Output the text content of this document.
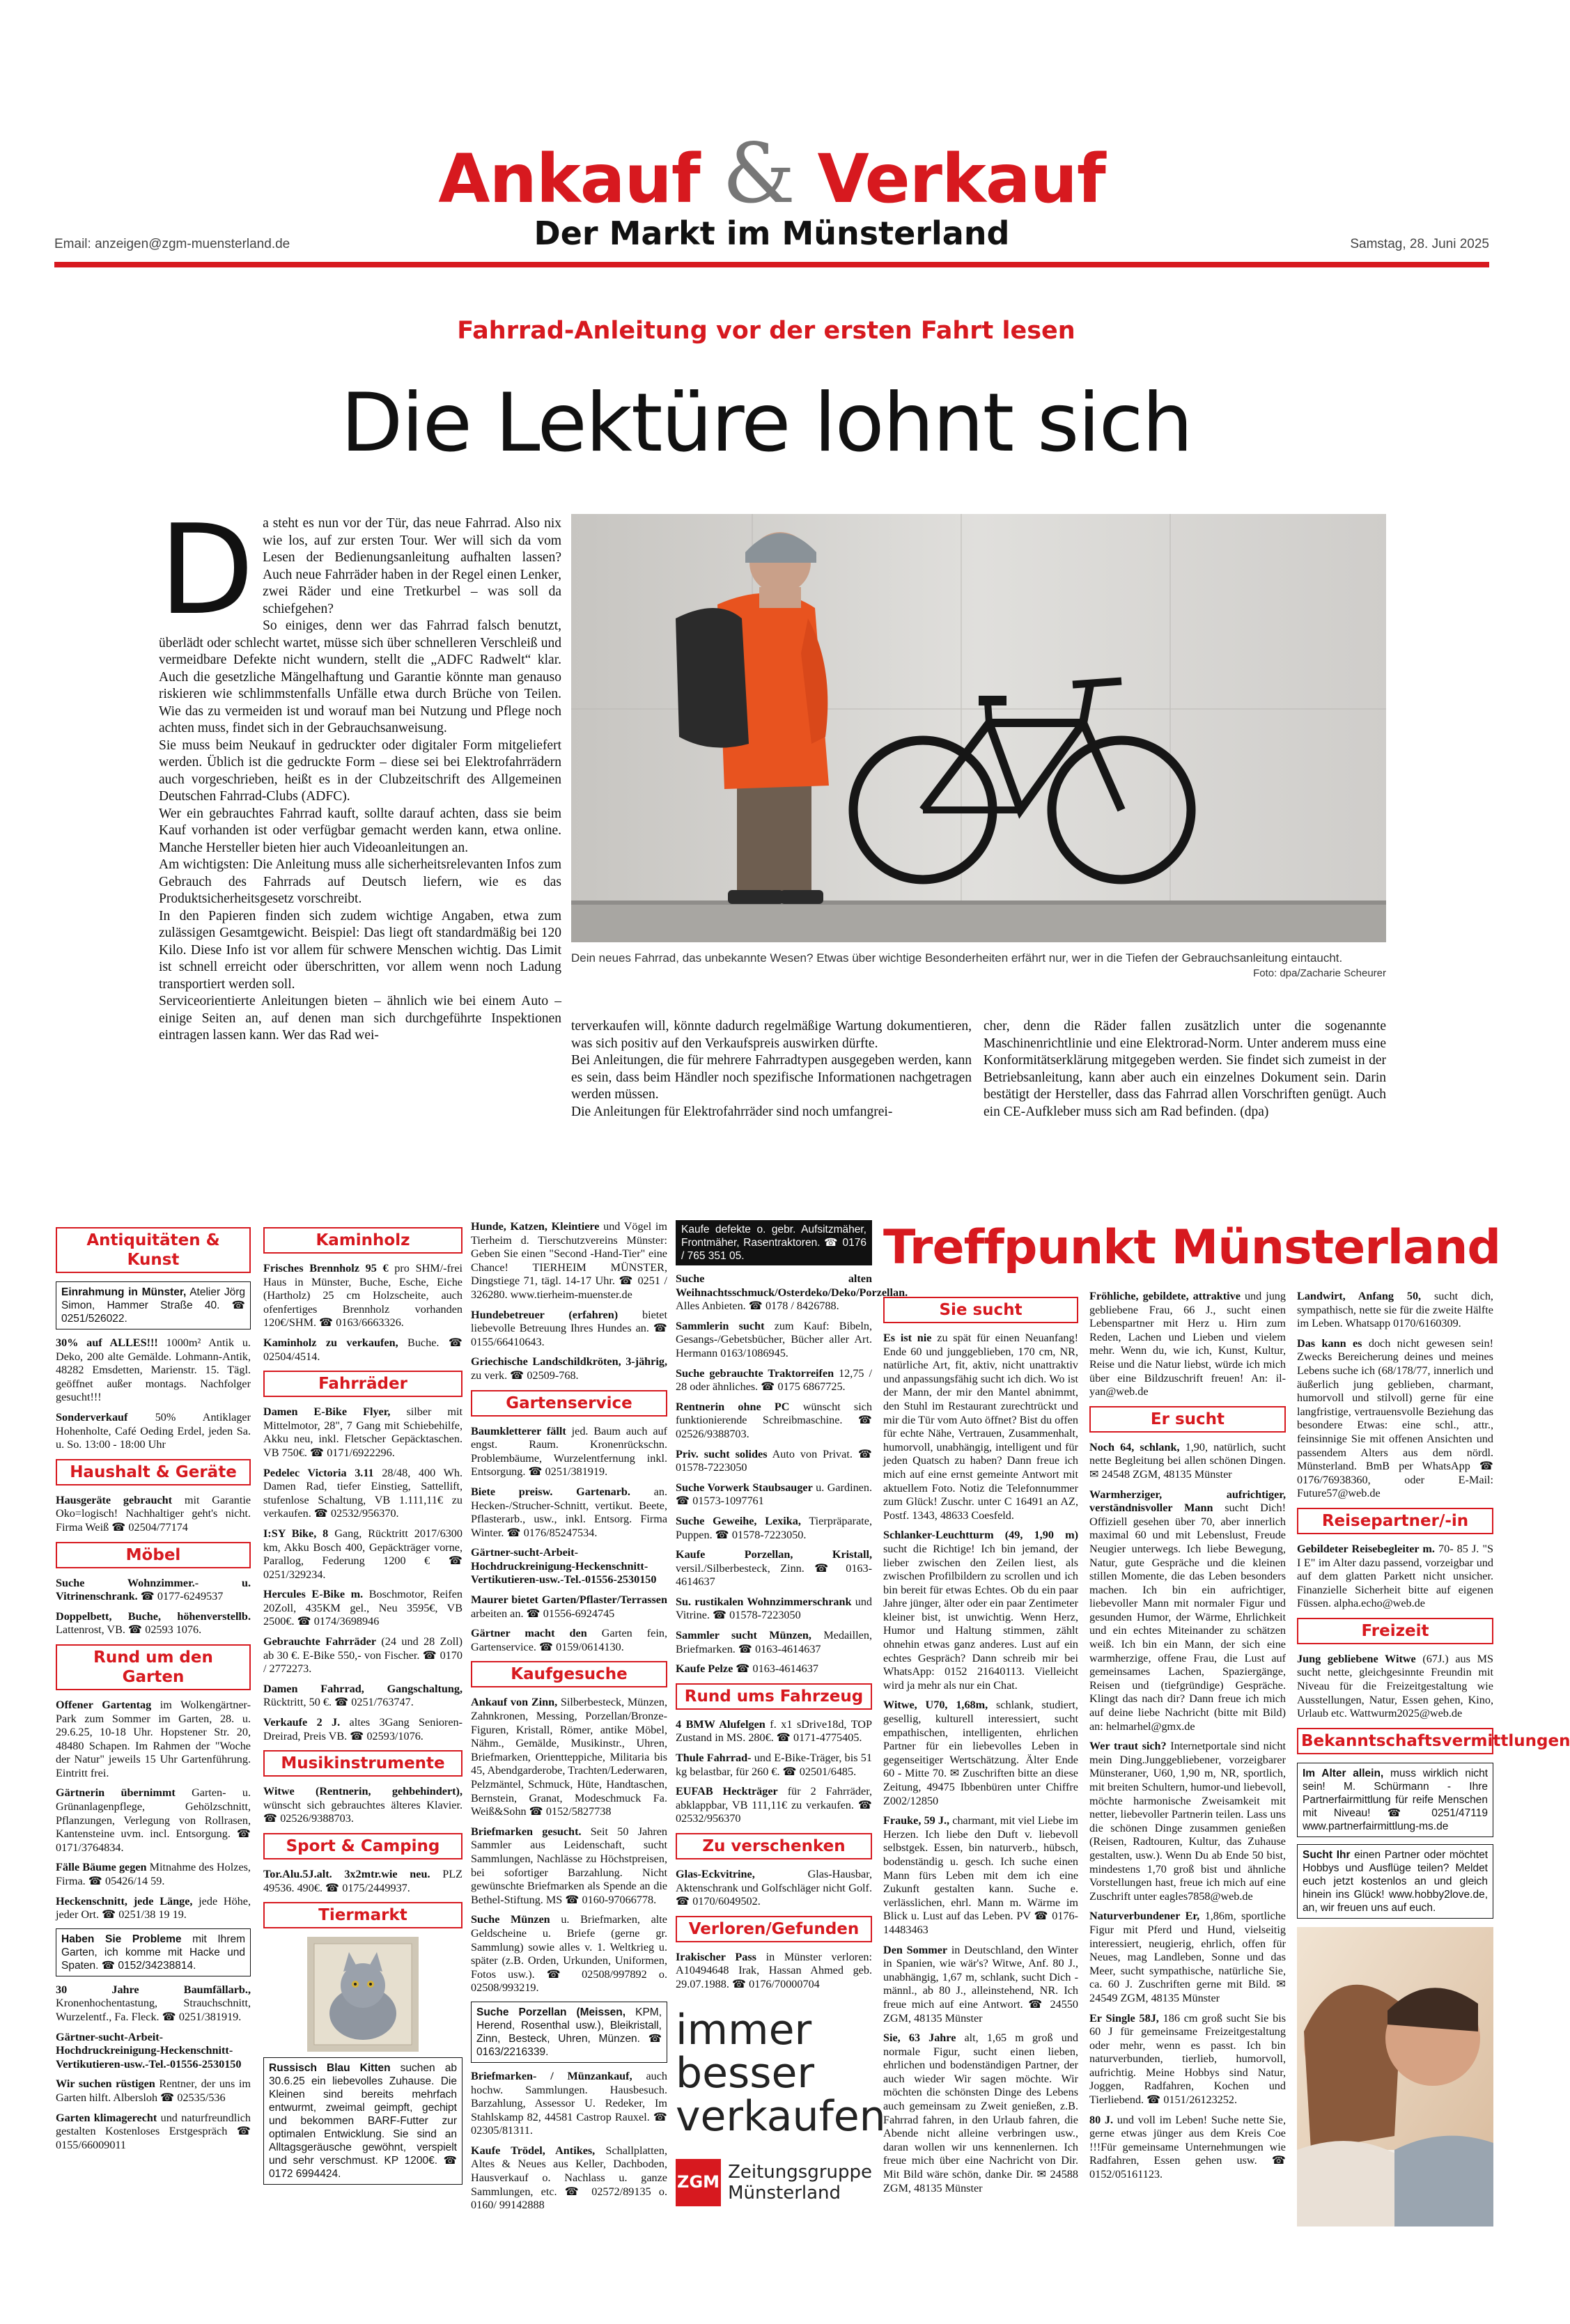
Ankauf & Verkauf
Der Markt im Münsterland
Email: anzeigen@zgm-muensterland.de	Samstag, 28. Juni 2025
Fahrrad-Anleitung vor der ersten Fahrt lesen
Die Lektüre lohnt sich
D a steht es nun vor der Tür, das neue Fahrrad. Also nix wie los, auf zur ersten Tour. Wer will sich da vom Lesen der Bedienungsanleitung aufhalten lassen? Auch neue Fahrräder haben in der Regel einen Lenker, zwei Räder und eine Tretkurbel – was soll da schiefgehen?

So einiges, denn wer das Fahrrad falsch benutzt, überlädt oder schlecht wartet, müsse sich über schnelleren Verschleiß und vermeidbare Defekte nicht wundern, stellt die „ADFC Radwelt“ klar. Auch die gesetzliche Mängelhaftung und Garantie könnte man genauso riskieren wie schlimmstenfalls Unfälle etwa durch Brüche von Teilen. Wie das zu vermeiden ist und worauf man bei Nutzung und Pflege noch achten muss, findet sich in der Gebrauchsanweisung.

Sie muss beim Neukauf in gedruckter oder digitaler Form mitgeliefert werden. Üblich ist die gedruckte Form – diese sei bei Elektrofahrrädern auch vorgeschrieben, heißt es in der Clubzeitschrift des Allgemeinen Deutschen Fahrrad-Clubs (ADFC).

Wer ein gebrauchtes Fahrrad kauft, sollte darauf achten, dass sie beim Kauf vorhanden ist oder verfügbar gemacht werden kann, etwa online. Manche Hersteller bieten hier auch Videoanleitungen an.

Am wichtigsten: Die Anleitung muss alle sicherheitsrelevanten Infos zum Gebrauch des Fahrrads auf Deutsch liefern, wie es das Produktsicherheitsgesetz vorschreibt.

In den Papieren finden sich zudem wichtige Angaben, etwa zum zulässigen Gesamtgewicht. Beispiel: Das liegt oft standardmäßig bei 120 Kilo. Diese Info ist vor allem für schwere Menschen wichtig. Das Limit ist schnell erreicht oder überschritten, vor allem wenn noch Ladung transportiert werden soll.

Serviceorientierte Anleitungen bieten – ähnlich wie bei einem Auto – einige Seiten an, auf denen man sich durchgeführte Inspektionen eintragen lassen kann. Wer das Rad wei-

Dein neues Fahrrad, das unbekannte Wesen? Etwas über wichtige Besonderheiten erfährt nur, wer in die Tiefen der Gebrauchsanleitung eintaucht.
Foto: dpa/Zacharie Scheurer

terverkaufen will, könnte dadurch regelmäßige Wartung dokumentieren, was sich positiv auf den Verkaufspreis auswirken dürfte.

Bei Anleitungen, die für mehrere Fahrradtypen ausgegeben werden, kann es sein, dass beim Händler noch spezifische Informationen nachgetragen werden müssen.

Die Anleitungen für Elektrofahrräder sind noch umfangrei-

cher, denn die Räder fallen zusätzlich unter die sogenannte Maschinenrichtlinie und eine Elektrorad-Norm. Unter anderem muss eine Konformitätserklärung mitgegeben werden. Sie findet sich zumeist in der Betriebsanleitung, kann aber auch ein einzelnes Dokument sein. Darin bestätigt der Hersteller, dass das Fahrrad allen Vorschriften genügt. Auch ein CE-Aufkleber muss sich am Rad befinden. (dpa)

Antiquitäten & Kunst
Einrahmung in Münster, Atelier Jörg Simon, Hammer Straße 40. ☎ 0251/526022.
30% auf ALLES!!! 1000m² Antik u. Deko, 200 alte Gemälde. Lohmann-Antik, 48282 Emsdetten, Marienstr. 15. Tägl. geöffnet außer montags. Nachfolger gesucht!!!
Sonderverkauf 50% Antiklager Hohenholte, Café Oeding Erdel, jeden Sa. u. So. 13:00 - 18:00 Uhr
Haushalt & Geräte
Hausgeräte gebraucht mit Garantie Oko=logisch! Nachhaltiger geht's nicht. Firma Weiß ☎ 02504/77174
Möbel
Suche Wohnzimmer.- u. Vitrinenschrank. ☎ 0177-6249537
Doppelbett, Buche, höhenverstellb. Lattenrost, VB. ☎ 02593 1076.
Rund um den Garten
Offener Gartentag im Wolkengärtner-Park zum Sommer im Garten, 28. u. 29.6.25, 10-18 Uhr. Hopstener Str. 20, 48480 Schapen. Im Rahmen der "Woche der Natur" jeweils 15 Uhr Gartenführung. Eintritt frei.
Gärtnerin übernimmt Garten- u. Grünanlagenpflege, Gehölzschnitt, Pflanzungen, Verlegung von Rollrasen, Kantensteine uvm. incl. Entsorgung. ☎ 0171/3764834.
Fälle Bäume gegen Mitnahme des Holzes, Firma. ☎ 05426/14 59.
Heckenschnitt, jede Länge, jede Höhe, jeder Ort. ☎ 0251/38 19 19.
Haben Sie Probleme mit Ihrem Garten, ich komme mit Hacke und Spaten. ☎ 0152/34238814.
30 Jahre Baumfällarb., Kronenhochentastung, Strauchschnitt, Wurzelentf., Fa. Fleck. ☎ 0251/381919.
Gärtner-sucht-Arbeit-Hochdruckreinigung-Heckenschnitt-Vertikutieren-usw.-Tel.-01556-2530150
Wir suchen rüstigen Rentner, der uns im Garten hilft. Albersloh ☎ 02535/536
Garten klimagerecht und naturfreundlich gestalten Kostenloses Erstgespräch ☎ 0155/66009011
Kaminholz
Frisches Brennholz 95 € pro SHM/-frei Haus in Münster, Buche, Esche, Eiche (Hartholz) 25 cm Holzscheite, auch ofenfertiges Brennholz vorhanden 120€/SHM. ☎ 0163/6663326.
Kaminholz zu verkaufen, Buche. ☎ 02504/4514.
Fahrräder
Damen E-Bike Flyer, silber mit Mittelmotor, 28", 7 Gang mit Schiebehilfe, Akku neu, inkl. Fletscher Gepäcktaschen. VB 750€. ☎ 0171/6922296.
Pedelec Victoria 3.11 28/48, 400 Wh. Damen Rad, tiefer Einstieg, Sattellift, stufenlose Schaltung, VB 1.111,11€ zu verkaufen. ☎ 02532/956370.
I:SY Bike, 8 Gang, Rücktritt 2017/6300 km, Akku Bosch 400, Gepäckträger vorne, Parallog, Federung 1200 € ☎ 0251/329234.
Hercules E-Bike m. Boschmotor, Reifen 20Zoll, 435KM gel., Neu 3595€, VB 2500€. ☎ 0174/3698946
Gebrauchte Fahrräder (24 und 28 Zoll) ab 30 €. E-Bike 550,- von Fischer. ☎ 0170 / 2772273.
Damen Fahrrad, Gangschaltung, Rücktritt, 50 €. ☎ 0251/763747.
Verkaufe 2 J. altes 3Gang Senioren-Dreirad, Preis VB. ☎ 02593/1076.
Musikinstrumente
Witwe (Rentnerin, gehbehindert), wünscht sich gebrauchtes älteres Klavier. ☎ 02526/9388703.
Sport & Camping
Tor.Alu.5J.alt. 3x2mtr.wie neu. PLZ 49536. 490€. ☎ 0175/2449937.
Tiermarkt
Russisch Blau Kitten suchen ab 30.6.25 ein liebevolles Zuhause. Die Kleinen sind bereits mehrfach entwurmt, zweimal geimpft, gechipt und bekommen BARF-Futter zur optimalen Entwicklung. Sie sind an Alltagsgeräusche gewöhnt, verspielt und sehr verschmust. KP 1200€. ☎ 0172 6994424.
Hunde, Katzen, Kleintiere und Vögel im Tierheim d. Tierschutzvereins Münster: Geben Sie einen "Second -Hand-Tier" eine Chance! TIERHEIM MÜNSTER, Dingstiege 71, tägl. 14-17 Uhr. ☎ 0251 / 326280. www.tierheim-muenster.de
Hundebetreuer (erfahren) bietet liebevolle Betreuung Ihres Hundes an. ☎ 0155/66410643.
Griechische Landschildkröten, 3-jährig, zu verk. ☎ 02509-768.
Gartenservice
Baumkletterer fällt jed. Baum auch auf engst. Raum. Kronenrückschn. Problembäume, Wurzelentfernung inkl. Entsorgung. ☎ 0251/381919.
Biete preisw. Gartenarb. an. Hecken-/Strucher-Schnitt, vertikut. Beete, Pflasterarb., usw., inkl. Entsorg. Firma Winter. ☎ 0176/85247534.
Gärtner-sucht-Arbeit-Hochdruckreinigung-Heckenschnitt-Vertikutieren-usw.-Tel.-01556-2530150
Maurer bietet Garten/Pflaster/Terrassen arbeiten an. ☎ 01556-6924745
Gärtner macht den Garten fein, Gartenservice. ☎ 0159/0614130.
Kaufgesuche
Ankauf von Zinn, Silberbesteck, Münzen, Zahnkronen, Messing, Porzellan/Bronze-Figuren, Kristall, Römer, antike Möbel, Nähm., Gemälde, Musikinstr., Uhren, Briefmarken, Orientteppiche, Militaria bis 45, Abendgarderobe, Trachten/Lederwaren, Pelzmäntel, Schmuck, Hüte, Handtaschen, Bernstein, Granat, Modeschmuck Fa. Weiß&Sohn ☎ 0152/5827738
Briefmarken gesucht. Seit 50 Jahren Sammler aus Leidenschaft, sucht Sammlungen, Nachlässe zu Höchstpreisen, bei sofortiger Barzahlung. Nicht gewünschte Briefmarken als Spende an die Bethel-Stiftung. MS ☎ 0160-97066778.
Suche Münzen u. Briefmarken, alte Geldscheine u. Briefe (gerne gr. Sammlung) sowie alles v. 1. Weltkrieg u. später (z.B. Orden, Urkunden, Uniformen, Fotos usw.). ☎ 02508/997892 o. 02508/993219.
Suche Porzellan (Meissen, KPM, Herend, Rosenthal usw.), Bleikristall, Zinn, Besteck, Uhren, Münzen. ☎ 0163/2216339.
Briefmarken- / Münzankauf, auch hochw. Sammlungen. Hausbesuch. Barzahlung, Assessor U. Redeker, Im Stahlskamp 82, 44581 Castrop Rauxel. ☎ 02305/81311.
Kaufe Trödel, Antikes, Schallplatten, Altes & Neues aus Keller, Dachboden, Hausverkauf o. Nachlass u. ganze Sammlungen, etc. ☎ 02572/89135 o. 0160/ 99142888
Kaufe defekte o. gebr. Aufsitzmäher, Frontmäher, Rasentraktoren. ☎ 0176 / 765 351 05.
Suche alten Weihnachtsschmuck/Osterdeko/Deko/Porzellan. Alles Anbieten. ☎ 0178 / 8426788.
Sammlerin sucht zum Kauf: Bibeln, Gesangs-/Gebetsbücher, Bücher aller Art. Hermann 0163/1086945.
Suche gebrauchte Traktorreifen 12,75 / 28 oder ähnliches. ☎ 0175 6867725.
Rentnerin ohne PC wünscht sich funktionierende Schreibmaschine. ☎ 02526/9388703.
Priv. sucht solides Auto von Privat. ☎ 01578-7223050
Suche Vorwerk Staubsauger u. Gardinen. ☎ 01573-1097761
Suche Geweihe, Lexika, Tierpräparate, Puppen. ☎ 01578-7223050.
Kaufe Porzellan, Kristall, versil./Silberbesteck, Zinn. ☎ 0163-4614637
Su. rustikalen Wohnzimmerschrank und Vitrine. ☎ 01578-7223050
Sammler sucht Münzen, Medaillen, Briefmarken. ☎ 0163-4614637
Kaufe Pelze ☎ 0163-4614637
Rund ums Fahrzeug
4 BMW Alufelgen f. x1 sDrive18d, TOP Zustand in MS. 280€. ☎ 0171-4775405.
Thule Fahrrad- und E-Bike-Träger, bis 51 kg belastbar, für 260 €. ☎ 02501/6485.
EUFAB Heckträger für 2 Fahrräder, abklappbar, VB 111,11€ zu verkaufen. ☎ 02532/956370
Zu verschenken
Glas-Eckvitrine, Glas-Hausbar, Aktenschrank und Golfschläger nicht Golf. ☎ 0170/6049502.
Verloren/Gefunden
Irakischer Pass in Münster verloren: A10494648 Irak, Hassan Ahmed geb. 29.07.1988. ☎ 0176/70000704
immer besser verkaufen
ZGM Zeitungsgruppe
Münsterland
Treffpunkt Münsterland
Sie sucht
Es ist nie zu spät für einen Neuanfang! Ende 60 und junggeblieben, 170 cm, NR, natürliche Art, fit, aktiv, nicht unattraktiv und anpassungsfähig sucht ich dich. Wo ist der Mann, der mir den Mantel abnimmt, den Stuhl im Restaurant zurechtrückt und mir die Tür vom Auto öffnet? Bist du offen für echte Nähe, Vertrauen, Zusammenhalt, humorvoll, unabhängig, intelligent und für jeden Quatsch zu haben? Dann freue ich mich auf eine ernst gemeinte Antwort mit aktuellem Foto. Notiz die Telefonnummer zum Glück! Zuschr. unter C 16491 an AZ, Postf. 1343, 48633 Coesfeld.
Schlanker-Leuchtturm (49, 1,90 m) sucht die Richtige! Ich bin jemand, der lieber zwischen den Zeilen liest, als zwischen Profilbildern zu scrollen und ich bin bereit für etwas Echtes. Ob du ein paar Jahre jünger, älter oder ein paar Zentimeter kleiner bist, ist unwichtig. Wenn Herz, Humor und Haltung stimmen, zählt ohnehin etwas ganz anderes. Lust auf ein echtes Gespräch? Dann schreib mir bei WhatsApp: 0152 21640113. Vielleicht wird ja mehr als nur ein Chat.
Witwe, U70, 1,68m, schlank, studiert, gesellig, kulturell interessiert, sucht empathischen, intelligenten, ehrlichen Partner für ein liebevolles Leben in gegenseitiger Wertschätzung. Älter Ende 60 - Mitte 70. ✉ Zuschriften bitte an diese Zeitung, 49475 Ibbenbüren unter Chiffre Z002/12850
Frauke, 59 J., charmant, mit viel Liebe im Herzen. Ich liebe den Duft v. liebevoll selbstgek. Essen, bin naturverb., hübsch, bodenständig u. gesch. Ich suche einen Mann fürs Leben mit dem ich eine Zukunft gestalten kann. Suche e. verlässlichen, ehrl. Mann m. Wärme im Blick u. Lust auf das Leben. PV ☎ 0176-14483463
Den Sommer in Deutschland, den Winter in Spanien, wie wär's? Witwe, Anf. 80 J., unabhängig, 1,67 m, schlank, sucht Dich - männl., ab 80 J., alleinstehend, NR. Ich freue mich auf eine Antwort. ☎ 24550 ZGM, 48135 Münster
Sie, 63 Jahre alt, 1,65 m groß und normale Figur, sucht einen lieben, ehrlichen und bodenständigen Partner, der auch wieder Wir sagen möchte. Wir möchten die schönsten Dinge des Lebens auch gemeinsam zu Zweit genießen, z.B. Fahrrad fahren, in den Urlaub fahren, die Abende nicht alleine verbringen usw., daran wollen wir uns kennenlernen. Ich freue mich über eine Nachricht von Dir. Mit Bild wäre schön, danke Dir. ✉ 24588 ZGM, 48135 Münster
Fröhliche, gebildete, attraktive und jung gebliebene Frau, 66 J., sucht einen Lebenspartner mit Herz u. Hirn zum Reden, Lachen und Lieben und vielem mehr. Wenn du, wie ich, Kunst, Kultur, Reise und die Natur liebst, würde ich mich über eine Bildzuschrift freuen! An: il-yan@web.de
Er sucht
Noch 64, schlank, 1,90, natürlich, sucht nette Begleitung bei allen schönen Dingen. ✉ 24548 ZGM, 48135 Münster
Warmherziger, aufrichtiger, verständnisvoller Mann sucht Dich! Offiziell gesehen über 70, aber innerlich maximal 60 und mit Lebenslust, Freude Neugier unterwegs. Ich liebe Bewegung, Natur, gute Gespräche und die kleinen stillen Momente, die das Leben besonders machen. Ich bin ein aufrichtiger, liebevoller Mann mit normaler Figur und gesunden Humor, der Wärme, Ehrlichkeit und ein echtes Miteinander zu schätzen weiß. Ich bin ein Mann, der sich eine warmherzige, offene Frau, die Lust auf gemeinsames Lachen, Spaziergänge, Reisen und (tiefgründige) Gespräche. Klingt das nach dir? Dann freue ich mich auf deine liebe Nachricht (bitte mit Bild) an: helmarhel@gmx.de
Wer traut sich? Internetportale sind nicht mein Ding.Junggebliebener, vorzeigbarer Münsteraner, U60, 1,90 m, NR, sportlich, mit breiten Schultern, humor-und liebevoll, möchte harmonische Zweisamkeit mit netter, liebevoller Partnerin teilen. Lass uns die schönen Dinge zusammen genießen (Reisen, Radtouren, Kultur, das Zuhause gestalten, usw.). Wenn Du ab Ende 50 bist, mindestens 1,70 groß bist und ähnliche Vorstellungen hast, freue ich mich auf eine Zuschrift unter eagles7858@web.de
Naturverbundener Er, 1,86m, sportliche Figur mit Pferd und Hund, vielseitig interessiert, neugierig, ehrlich, offen für Neues, mag Landleben, Sonne und das Meer, sucht sympathische, natürliche Sie, ca. 60 J. Zuschriften gerne mit Bild. ✉ 24549 ZGM, 48135 Münster
Er Single 58J, 186 cm groß sucht Sie bis 60 J für gemeinsame Freizeitgestaltung oder mehr, wenn es passt. Ich bin naturverbunden, tierlieb, humorvoll, aufrichtig. Meine Hobbys sind Natur, Joggen, Radfahren, Kochen und Tierliebend. ☎ 0151/26123252.
80 J. und voll im Leben! Suche nette Sie, gerne etwas jünger aus dem Kreis Coe !!!Für gemeinsame Unternehmungen wie Radfahren, Essen gehen usw. ☎ 0152/05161123.
Landwirt, Anfang 50, sucht dich, sympathisch, nette sie für die zweite Hälfte im Leben. Whatsapp 0170/6160309.
Das kann es doch nicht gewesen sein! Zwecks Bereicherung deines und meines Lebens suche ich (68/178/77, innerlich und äußerlich jung geblieben, charmant, humorvoll und stilvoll) gerne für eine langfristige, vertrauensvolle Beziehung das besondere Etwas: eine schl., attr., feinsinnige Sie mit offenen Ansichten und passendem Alters aus dem nördl. Münsterland. BmB per WhatsApp ☎ 0176/76938360, oder E-Mail: Future57@web.de
Reisepartner/-in
Gebildeter Reisebegleiter m. 70- 85 J. "S I E" im Alter dazu passend, vorzeigbar und auf dem glatten Parkett nicht unsicher. Finanzielle Sicherheit bitte auf eigenen Füssen. alpha.echo@web.de
Freizeit
Jung gebliebene Witwe (67J.) aus MS sucht nette, gleichgesinnte Freundin mit Niveau für die Freizeitgestaltung wie Ausstellungen, Natur, Essen gehen, Kino, Urlaub etc. Wattwurm2025@web.de
Bekanntschaftsvermittlungen
Im Alter allein, muss wirklich nicht sein! M. Schürmann - Ihre Partnerfairmittlung für reife Menschen mit Niveau! ☎ 0251/47119 www.partnerfairmittlung-ms.de
Sucht Ihr einen Partner oder möchtet Hobbys und Ausflüge teilen? Meldet euch jetzt kostenlos an und gleich hinein ins Glück! www.hobby2love.de, an, wir freuen uns auf euch.
